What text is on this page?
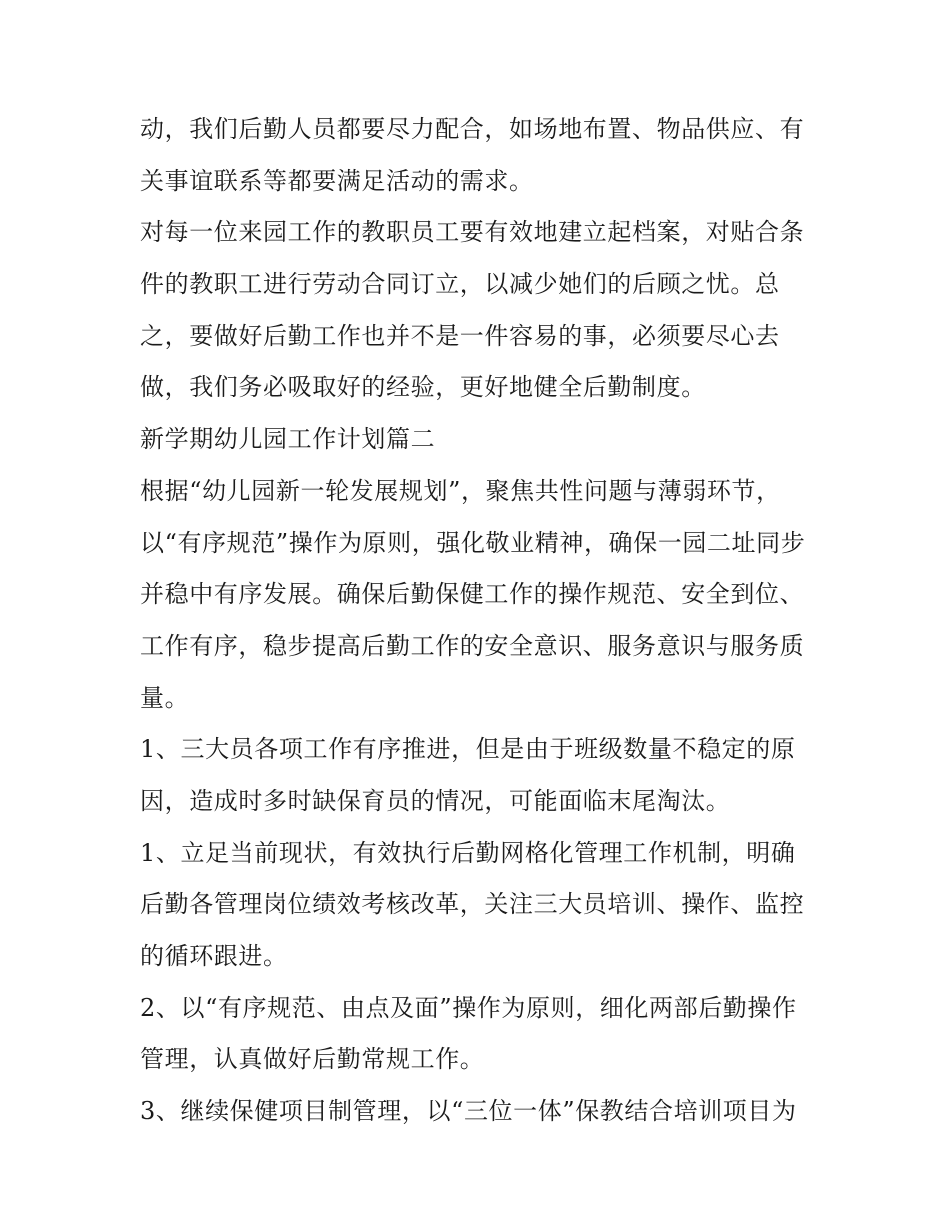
动，我们后勤人员都要尽力配合，如场地布置、物品供应、有
关事谊联系等都要满足活动的需求。
对每一位来园工作的教职员工要有效地建立起档案，对贴合条
件的教职工进行劳动合同订立，以减少她们的后顾之忧。总
之，要做好后勤工作也并不是一件容易的事，必须要尽心去
做，我们务必吸取好的经验，更好地健全后勤制度。
新学期幼儿园工作计划篇二
根据“幼儿园新一轮发展规划”，聚焦共性问题与薄弱环节，
以“有序规范”操作为原则，强化敬业精神，确保一园二址同步
并稳中有序发展。确保后勤保健工作的操作规范、安全到位、
工作有序，稳步提高后勤工作的安全意识、服务意识与服务质
量。
1、三大员各项工作有序推进，但是由于班级数量不稳定的原
因，造成时多时缺保育员的情况，可能面临末尾淘汰。
1、立足当前现状，有效执行后勤网格化管理工作机制，明确
后勤各管理岗位绩效考核改革，关注三大员培训、操作、监控
的循环跟进。
2、以“有序规范、由点及面”操作为原则，细化两部后勤操作
管理，认真做好后勤常规工作。
3、继续保健项目制管理，以“三位一体”保教结合培训项目为
